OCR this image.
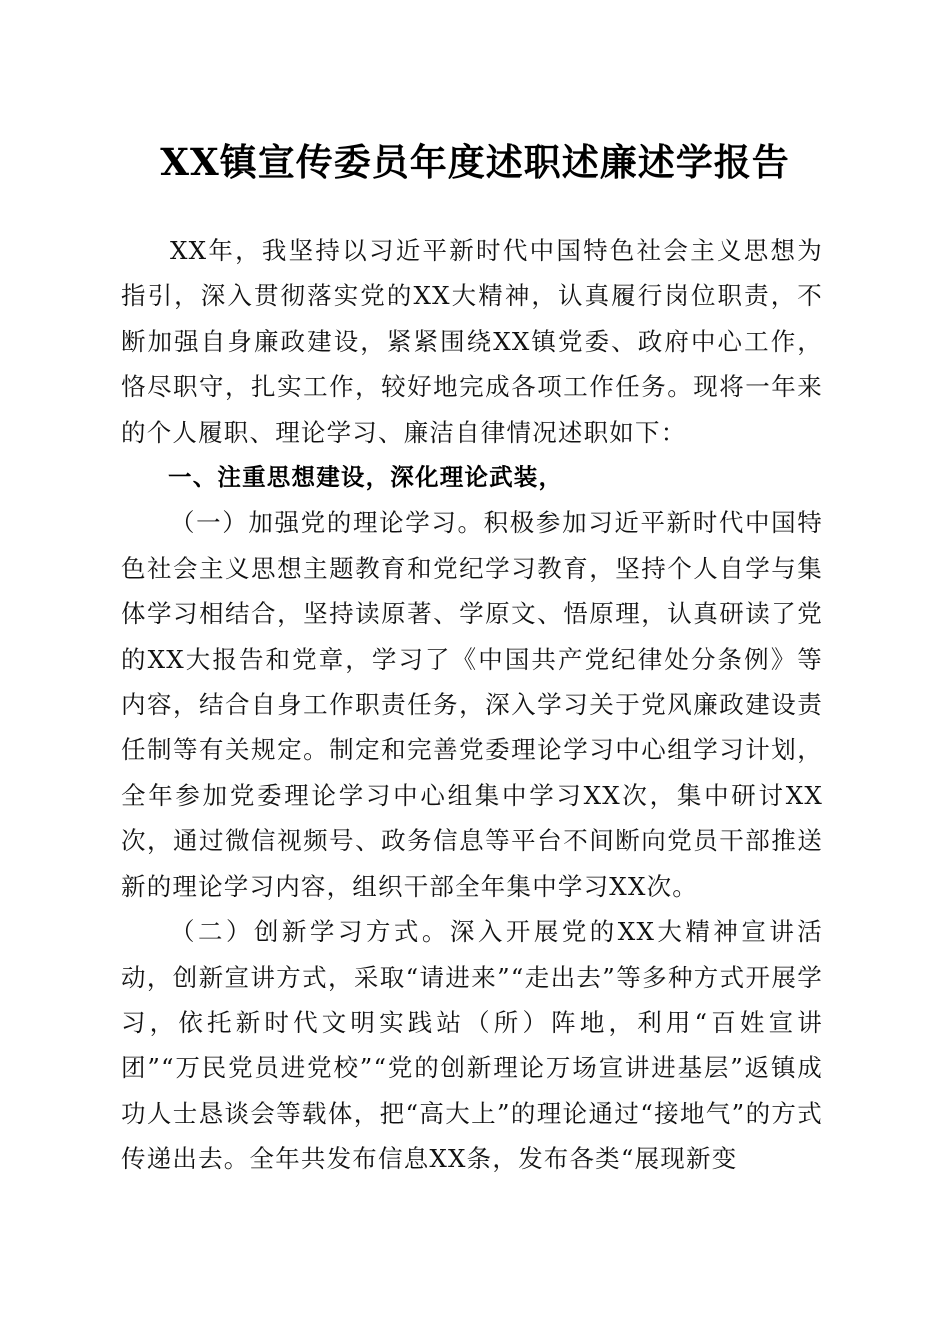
XX镇宣传委员年度述职述廉述学报告

XX年，我坚持以习近平新时代中国特色社会主义思想为指引，深入贯彻落实党的XX大精神，认真履行岗位职责，不断加强自身廉政建设，紧紧围绕XX镇党委、政府中心工作，恪尽职守，扎实工作，较好地完成各项工作任务。现将一年来的个人履职、理论学习、廉洁自律情况述职如下：

一、注重思想建设，深化理论武装，

（一）加强党的理论学习。积极参加习近平新时代中国特色社会主义思想主题教育和党纪学习教育，坚持个人自学与集体学习相结合，坚持读原著、学原文、悟原理，认真研读了党的XX大报告和党章，学习了《中国共产党纪律处分条例》等内容，结合自身工作职责任务，深入学习关于党风廉政建设责任制等有关规定。制定和完善党委理论学习中心组学习计划，全年参加党委理论学习中心组集中学习XX次，集中研讨XX次，通过微信视频号、政务信息等平台不间断向党员干部推送新的理论学习内容，组织干部全年集中学习XX次。

（二）创新学习方式。深入开展党的XX大精神宣讲活动，创新宣讲方式，采取“请进来”“走出去”等多种方式开展学习，依托新时代文明实践站（所）阵地，利用“百姓宣讲团”“万民党员进党校”“党的创新理论万场宣讲进基层”返镇成功人士恳谈会等载体，把“高大上”的理论通过“接地气”的方式传递出去。全年共发布信息XX条，发布各类“展现新变
